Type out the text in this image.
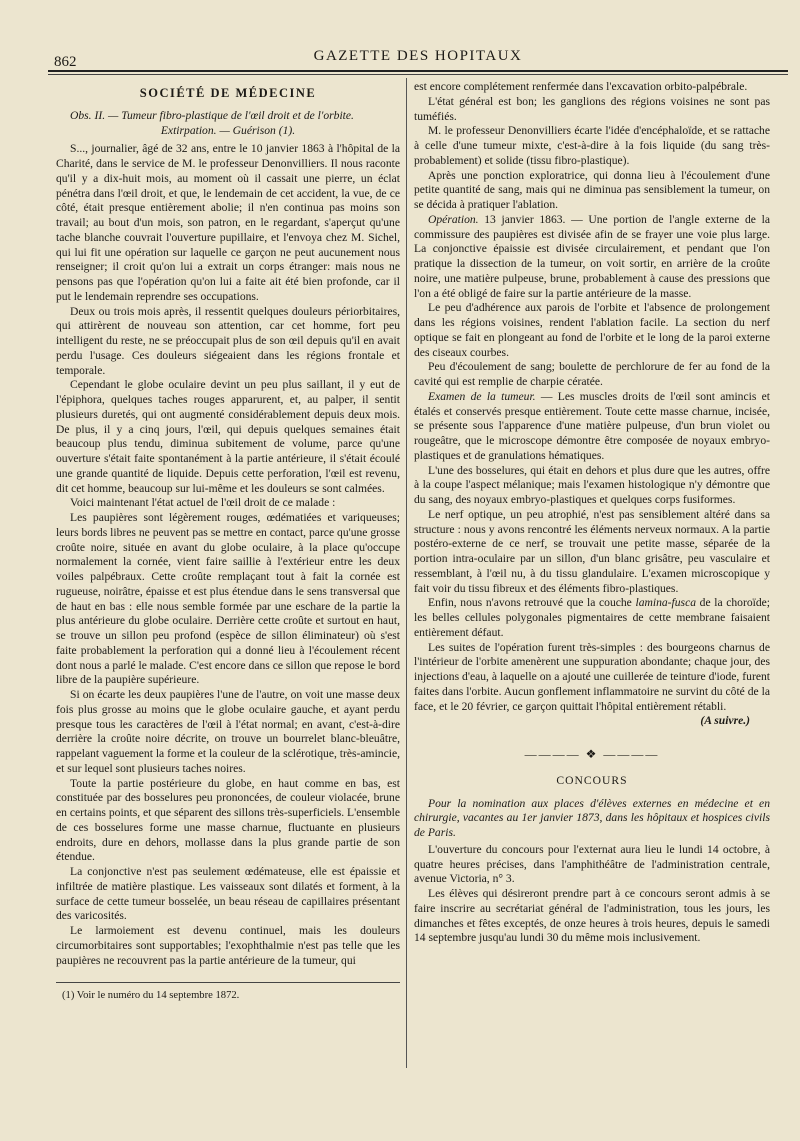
862	GAZETTE DES HOPITAUX
SOCIÉTÉ DE MÉDECINE

Obs. II. — Tumeur fibro-plastique de l'œil droit et de l'orbite.

Extirpation. — Guérison (1).

S..., journalier, âgé de 32 ans, entre le 10 janvier 1863 à l'hôpital de la Charité, dans le service de M. le professeur Denonvilliers. Il nous raconte qu'il y a dix-huit mois, au moment où il cassait une pierre, un éclat pénétra dans l'œil droit, et que, le lendemain de cet accident, la vue, de ce côté, était presque entièrement abolie; il n'en continua pas moins son travail; au bout d'un mois, son patron, en le regardant, s'aperçut qu'une tache blanche couvrait l'ouverture pupillaire, et l'envoya chez M. Sichel, qui lui fit une opération sur laquelle ce garçon ne peut aucunement nous renseigner; il croit qu'on lui a extrait un corps étranger: mais nous ne pensons pas que l'opération qu'on lui a faite ait été bien profonde, car il put le lendemain reprendre ses occupations.

Deux ou trois mois après, il ressentit quelques douleurs périorbitaires, qui attirèrent de nouveau son attention, car cet homme, fort peu intelligent du reste, ne se préoccupait plus de son œil depuis qu'il en avait perdu l'usage. Ces douleurs siégeaient dans les régions frontale et temporale.

Cependant le globe oculaire devint un peu plus saillant, il y eut de l'épiphora, quelques taches rouges apparurent, et, au palper, il sentit plusieurs duretés, qui ont augmenté considérablement depuis deux mois. De plus, il y a cinq jours, l'œil, qui depuis quelques semaines était beaucoup plus tendu, diminua subitement de volume, parce qu'une ouverture s'était faite spontanément à la partie antérieure, il s'était écoulé une grande quantité de liquide. Depuis cette perforation, l'œil est revenu, dit cet homme, beaucoup sur lui-même et les douleurs se sont calmées.

Voici maintenant l'état actuel de l'œil droit de ce malade :

Les paupières sont légèrement rouges, œdématiées et variqueuses; leurs bords libres ne peuvent pas se mettre en contact, parce qu'une grosse croûte noire, située en avant du globe oculaire, à la place qu'occupe normalement la cornée, vient faire saillie à l'extérieur entre les deux voiles palpébraux. Cette croûte remplaçant tout à fait la cornée est rugueuse, noirâtre, épaisse et est plus étendue dans le sens transversal que de haut en bas : elle nous semble formée par une eschare de la partie la plus antérieure du globe oculaire. Derrière cette croûte et surtout en haut, se trouve un sillon peu profond (espèce de sillon éliminateur) où s'est faite probablement la perforation qui a donné lieu à l'écoulement récent dont nous a parlé le malade. C'est encore dans ce sillon que repose le bord libre de la paupière supérieure.

Si on écarte les deux paupières l'une de l'autre, on voit une masse deux fois plus grosse au moins que le globe oculaire gauche, et ayant perdu presque tous les caractères de l'œil à l'état normal; en avant, c'est-à-dire derrière la croûte noire décrite, on trouve un bourrelet blanc-bleuâtre, rappelant vaguement la forme et la couleur de la sclérotique, très-amincie, et sur lequel sont plusieurs taches noires.

Toute la partie postérieure du globe, en haut comme en bas, est constituée par des bosselures peu prononcées, de couleur violacée, brune en certains points, et que séparent des sillons très-superficiels. L'ensemble de ces bosselures forme une masse charnue, fluctuante en plusieurs endroits, dure en dehors, mollasse dans la plus grande partie de son étendue.

La conjonctive n'est pas seulement œdémateuse, elle est épaissie et infiltrée de matière plastique. Les vaisseaux sont dilatés et forment, à la surface de cette tumeur bosselée, un beau réseau de capillaires présentant des varicosités.

Le larmoiement est devenu continuel, mais les douleurs circumorbitaires sont supportables; l'exophthalmie n'est pas telle que les paupières ne recouvrent pas la partie antérieure de la tumeur, qui

(1) Voir le numéro du 14 septembre 1872.

est encore complétement renfermée dans l'excavation orbito-palpébrale.

L'état général est bon; les ganglions des régions voisines ne sont pas tuméfiés.

M. le professeur Denonvilliers écarte l'idée d'encéphaloïde, et se rattache à celle d'une tumeur mixte, c'est-à-dire à la fois liquide (du sang très-probablement) et solide (tissu fibro-plastique).

Après une ponction exploratrice, qui donna lieu à l'écoulement d'une petite quantité de sang, mais qui ne diminua pas sensiblement la tumeur, on se décida à pratiquer l'ablation.

Opération. 13 janvier 1863. — Une portion de l'angle externe de la commissure des paupières est divisée afin de se frayer une voie plus large. La conjonctive épaissie est divisée circulairement, et pendant que l'on pratique la dissection de la tumeur, on voit sortir, en arrière de la croûte noire, une matière pulpeuse, brune, probablement à cause des pressions que l'on a été obligé de faire sur la partie antérieure de la masse.

Le peu d'adhérence aux parois de l'orbite et l'absence de prolongement dans les régions voisines, rendent l'ablation facile. La section du nerf optique se fait en plongeant au fond de l'orbite et le long de la paroi externe des ciseaux courbes.

Peu d'écoulement de sang; boulette de perchlorure de fer au fond de la cavité qui est remplie de charpie cératée.

Examen de la tumeur. — Les muscles droits de l'œil sont amincis et étalés et conservés presque entièrement. Toute cette masse charnue, incisée, se présente sous l'apparence d'une matière pulpeuse, d'un brun violet ou rougeâtre, que le microscope démontre être composée de noyaux embryo-plastiques et de granulations hématiques.

L'une des bosselures, qui était en dehors et plus dure que les autres, offre à la coupe l'aspect mélanique; mais l'examen histologique n'y démontre que du sang, des noyaux embryo-plastiques et quelques corps fusiformes.

Le nerf optique, un peu atrophié, n'est pas sensiblement altéré dans sa structure : nous y avons rencontré les éléments nerveux normaux. A la partie postéro-externe de ce nerf, se trouvait une petite masse, séparée de la portion intra-oculaire par un sillon, d'un blanc grisâtre, peu vasculaire et ressemblant, à l'œil nu, à du tissu glandulaire. L'examen microscopique y fait voir du tissu fibreux et des éléments fibro-plastiques.

Enfin, nous n'avons retrouvé que la couche lamina-fusca de la choroïde; les belles cellules polygonales pigmentaires de cette membrane faisaient entièrement défaut.

Les suites de l'opération furent très-simples : des bourgeons charnus de l'intérieur de l'orbite amenèrent une suppuration abondante; chaque jour, des injections d'eau, à laquelle on a ajouté une cuillerée de teinture d'iode, furent faites dans l'orbite. Aucun gonflement inflammatoire ne survint du côté de la face, et le 20 février, ce garçon quittait l'hôpital entièrement rétabli.

(A suivre.)

———— ❖ ————
CONCOURS

Pour la nomination aux places d'élèves externes en médecine et en chirurgie, vacantes au 1er janvier 1873, dans les hôpitaux et hospices civils de Paris.

L'ouverture du concours pour l'externat aura lieu le lundi 14 octobre, à quatre heures précises, dans l'amphithéâtre de l'administration centrale, avenue Victoria, n° 3.

Les élèves qui désireront prendre part à ce concours seront admis à se faire inscrire au secrétariat général de l'administration, tous les jours, les dimanches et fêtes exceptés, de onze heures à trois heures, depuis le samedi 14 septembre jusqu'au lundi 30 du même mois inclusivement.
